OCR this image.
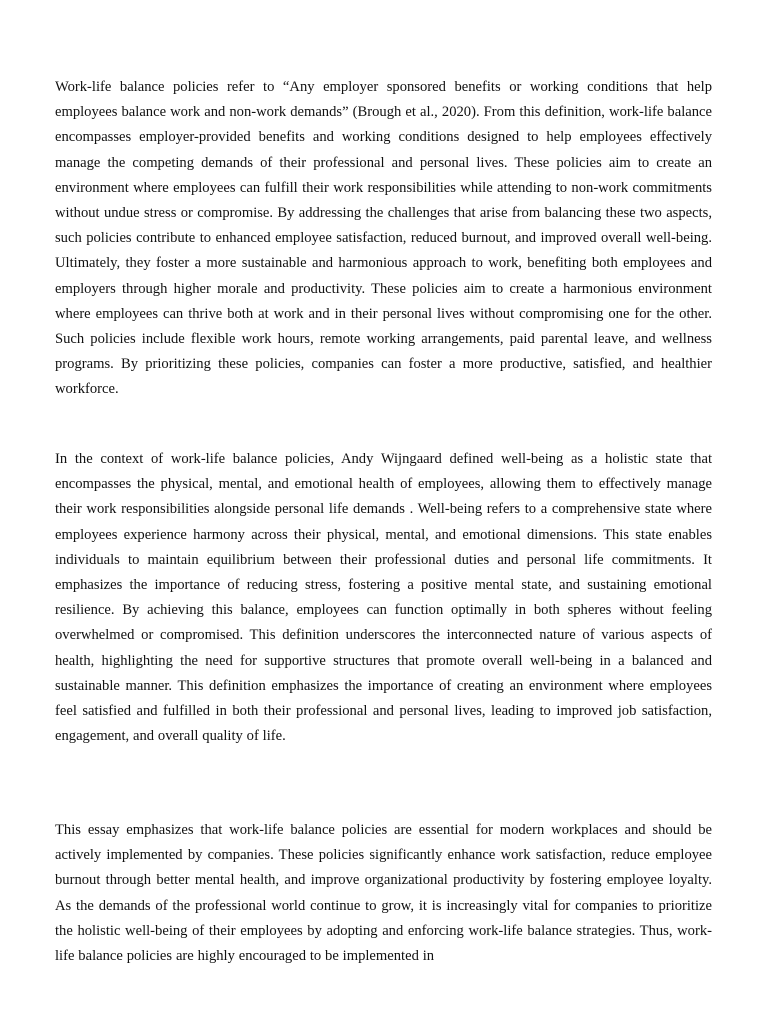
Work-life balance policies refer to “Any employer sponsored benefits or working conditions that help employees balance work and non-work demands” (Brough et al., 2020). From this definition, work-life balance encompasses employer-provided benefits and working conditions designed to help employees effectively manage the competing demands of their professional and personal lives. These policies aim to create an environment where employees can fulfill their work responsibilities while attending to non-work commitments without undue stress or compromise. By addressing the challenges that arise from balancing these two aspects, such policies contribute to enhanced employee satisfaction, reduced burnout, and improved overall well-being. Ultimately, they foster a more sustainable and harmonious approach to work, benefiting both employees and employers through higher morale and productivity. These policies aim to create a harmonious environment where employees can thrive both at work and in their personal lives without compromising one for the other. Such policies include flexible work hours, remote working arrangements, paid parental leave, and wellness programs. By prioritizing these policies, companies can foster a more productive, satisfied, and healthier workforce.

In the context of work-life balance policies, Andy Wijngaard defined well-being as a holistic state that encompasses the physical, mental, and emotional health of employees, allowing them to effectively manage their work responsibilities alongside personal life demands . Well-being refers to a comprehensive state where employees experience harmony across their physical, mental, and emotional dimensions. This state enables individuals to maintain equilibrium between their professional duties and personal life commitments. It emphasizes the importance of reducing stress, fostering a positive mental state, and sustaining emotional resilience. By achieving this balance, employees can function optimally in both spheres without feeling overwhelmed or compromised. This definition underscores the interconnected nature of various aspects of health, highlighting the need for supportive structures that promote overall well-being in a balanced and sustainable manner. This definition emphasizes the importance of creating an environment where employees feel satisfied and fulfilled in both their professional and personal lives, leading to improved job satisfaction, engagement, and overall quality of life.

This essay emphasizes that work-life balance policies are essential for modern workplaces and should be actively implemented by companies. These policies significantly enhance work satisfaction, reduce employee burnout through better mental health, and improve organizational productivity by fostering employee loyalty. As the demands of the professional world continue to grow, it is increasingly vital for companies to prioritize the holistic well-being of their employees by adopting and enforcing work-life balance strategies. Thus, work-life balance policies are highly encouraged to be implemented in
